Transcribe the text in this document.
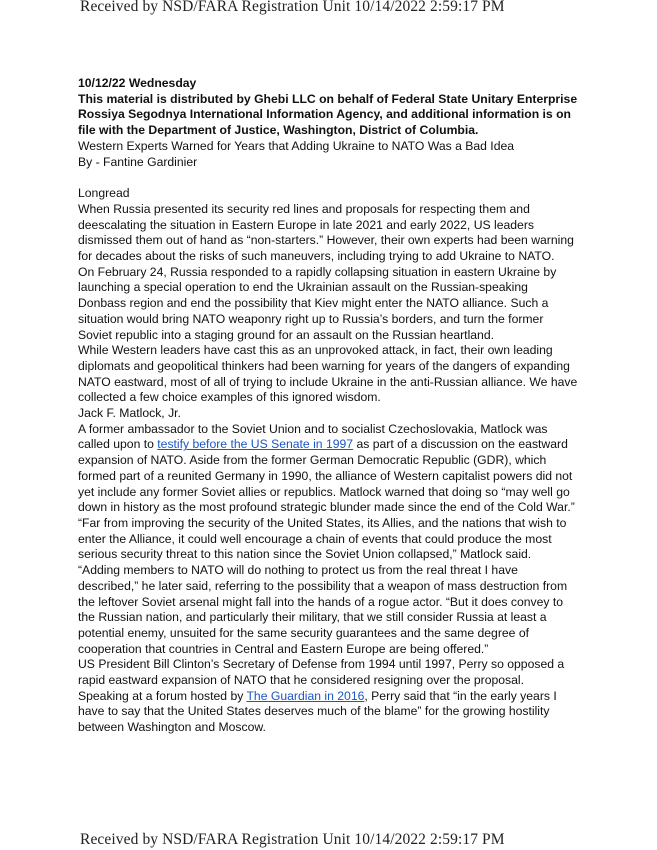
Received by NSD/FARA Registration Unit 10/14/2022 2:59:17 PM

10/12/22 Wednesday

This material is distributed by Ghebi LLC on behalf of Federal State Unitary Enterprise Rossiya Segodnya International Information Agency, and additional information is on file with the Department of Justice, Washington, District of Columbia.

Western Experts Warned for Years that Adding Ukraine to NATO Was a Bad Idea

By - Fantine Gardinier

Longread

When Russia presented its security red lines and proposals for respecting them and deescalating the situation in Eastern Europe in late 2021 and early 2022, US leaders dismissed them out of hand as “non-starters.” However, their own experts had been warning for decades about the risks of such maneuvers, including trying to add Ukraine to NATO.

On February 24, Russia responded to a rapidly collapsing situation in eastern Ukraine by launching a special operation to end the Ukrainian assault on the Russian-speaking Donbass region and end the possibility that Kiev might enter the NATO alliance. Such a situation would bring NATO weaponry right up to Russia’s borders, and turn the former Soviet republic into a staging ground for an assault on the Russian heartland.

While Western leaders have cast this as an unprovoked attack, in fact, their own leading diplomats and geopolitical thinkers had been warning for years of the dangers of expanding NATO eastward, most of all of trying to include Ukraine in the anti-Russian alliance. We have collected a few choice examples of this ignored wisdom.

Jack F. Matlock, Jr.

A former ambassador to the Soviet Union and to socialist Czechoslovakia, Matlock was called upon to testify before the US Senate in 1997 as part of a discussion on the eastward expansion of NATO. Aside from the former German Democratic Republic (GDR), which formed part of a reunited Germany in 1990, the alliance of Western capitalist powers did not yet include any former Soviet allies or republics. Matlock warned that doing so “may well go down in history as the most profound strategic blunder made since the end of the Cold War.”

“Far from improving the security of the United States, its Allies, and the nations that wish to enter the Alliance, it could well encourage a chain of events that could produce the most serious security threat to this nation since the Soviet Union collapsed,” Matlock said.

“Adding members to NATO will do nothing to protect us from the real threat I have described,” he later said, referring to the possibility that a weapon of mass destruction from the leftover Soviet arsenal might fall into the hands of a rogue actor. “But it does convey to the Russian nation, and particularly their military, that we still consider Russia at least a potential enemy, unsuited for the same security guarantees and the same degree of cooperation that countries in Central and Eastern Europe are being offered.”

US President Bill Clinton’s Secretary of Defense from 1994 until 1997, Perry so opposed a rapid eastward expansion of NATO that he considered resigning over the proposal. Speaking at a forum hosted by The Guardian in 2016, Perry said that “in the early years I have to say that the United States deserves much of the blame” for the growing hostility between Washington and Moscow.

Received by NSD/FARA Registration Unit 10/14/2022 2:59:17 PM
